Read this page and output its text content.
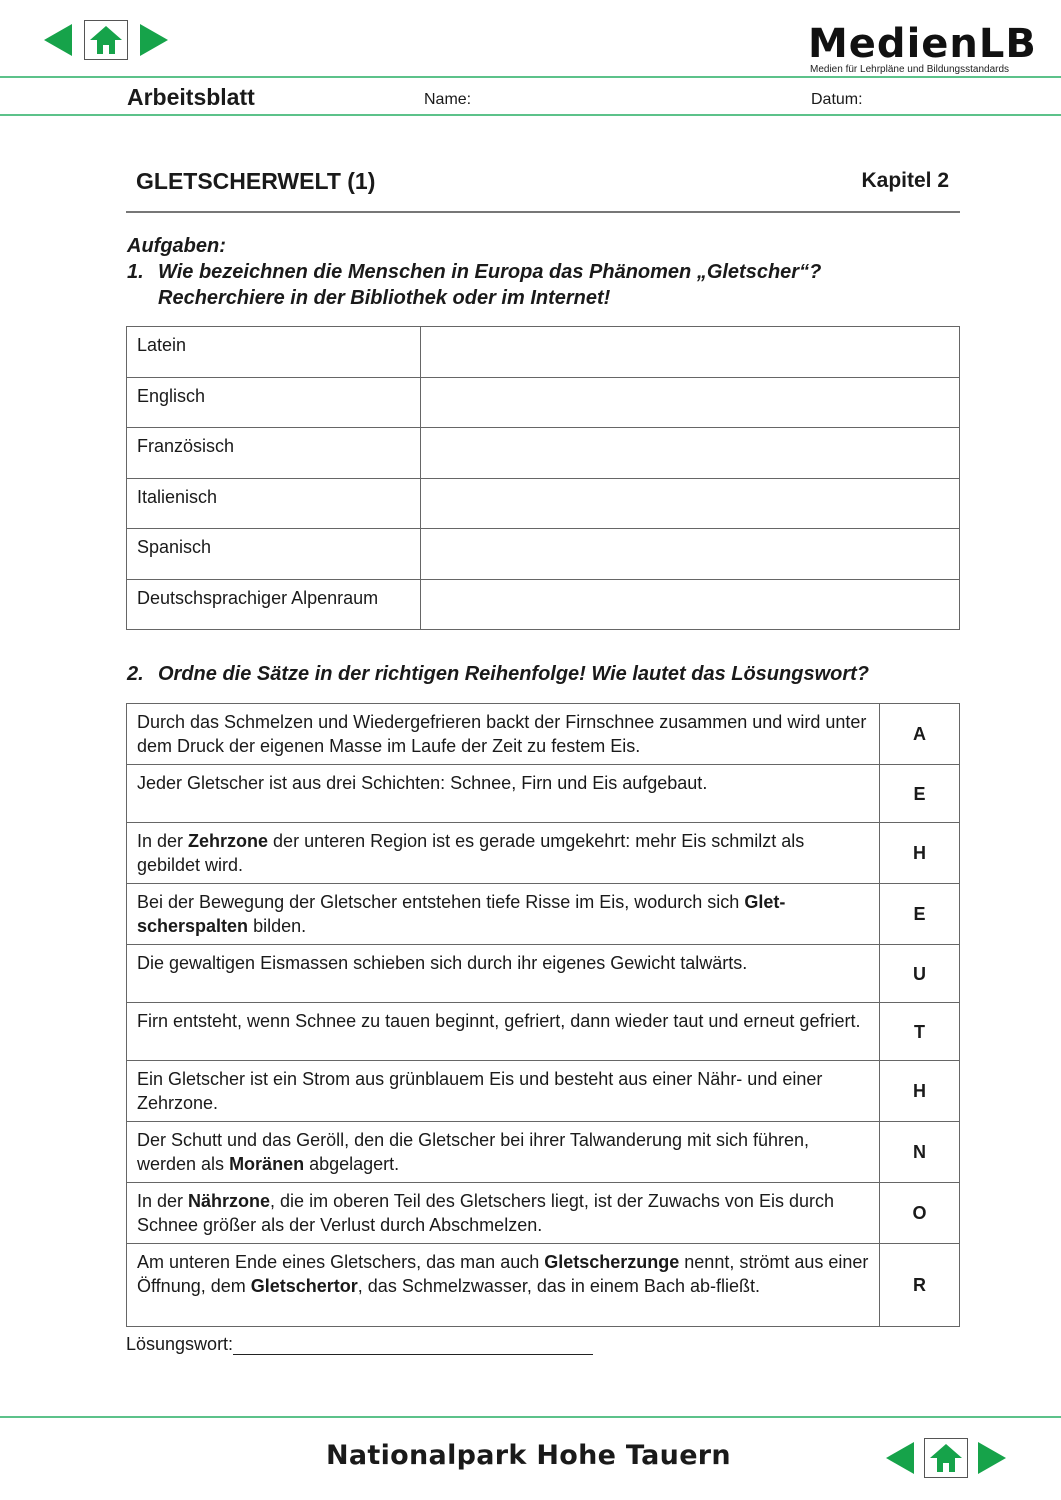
MedienLB
Medien für Lehrpläne und Bildungsstandards
Arbeitsblatt	Name:	Datum:
GLETSCHERWELT (1)	Kapitel 2
Aufgaben:
1. Wie bezeichnen die Menschen in Europa das Phänomen „Gletscher“?
Recherchiere in der Bibliothek oder im Internet!
Latein	
Englisch	
Französisch	
Italienisch	
Spanisch	
Deutschsprachiger Alpenraum	
2. Ordne die Sätze in der richtigen Reihenfolge! Wie lautet das Lösungswort?
Durch das Schmelzen und Wiedergefrieren backt der Firnschnee zusammen und wird unter dem Druck der eigenen Masse im Laufe der Zeit zu festem Eis.	A
Jeder Gletscher ist aus drei Schichten: Schnee, Firn und Eis aufgebaut.	E
In der Zehrzone der unteren Region ist es gerade umgekehrt: mehr Eis schmilzt als gebildet wird.	H
Bei der Bewegung der Gletscher entstehen tiefe Risse im Eis, wodurch sich Glet-scherspalten bilden.	E
Die gewaltigen Eismassen schieben sich durch ihr eigenes Gewicht talwärts.	U
Firn entsteht, wenn Schnee zu tauen beginnt, gefriert, dann wieder taut und erneut gefriert.	T
Ein Gletscher ist ein Strom aus grünblauem Eis und besteht aus einer Nähr- und einer Zehrzone.	H
Der Schutt und das Geröll, den die Gletscher bei ihrer Talwanderung mit sich führen, werden als Moränen abgelagert.	N
In der Nährzone, die im oberen Teil des Gletschers liegt, ist der Zuwachs von Eis durch Schnee größer als der Verlust durch Abschmelzen.	O
Am unteren Ende eines Gletschers, das man auch Gletscherzunge nennt, strömt aus einer Öffnung, dem Gletschertor, das Schmelzwasser, das in einem Bach ab-fließt.	R
Lösungswort:
Nationalpark Hohe Tauern
